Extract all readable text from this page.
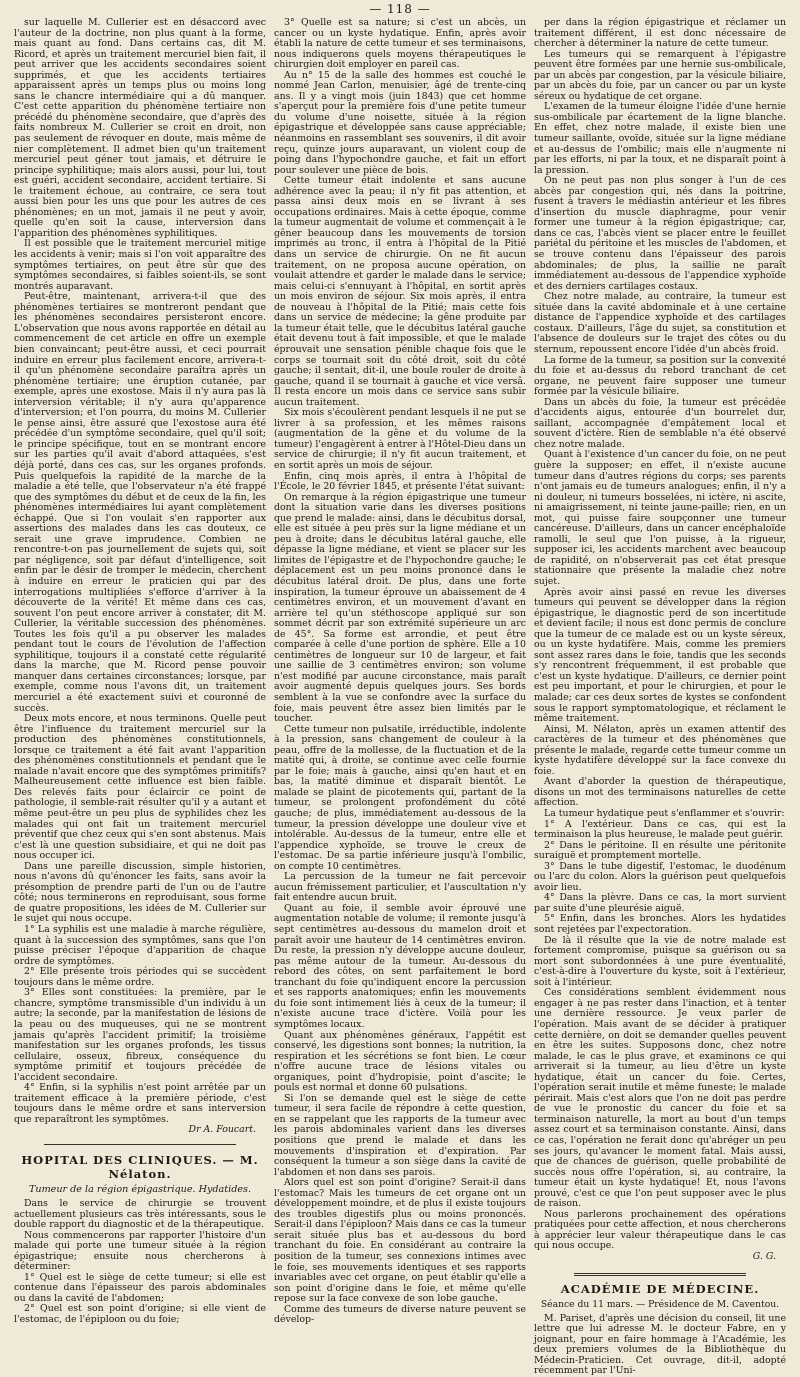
— 118 —

sur laquelle M. Cullerier est en désaccord avec l'auteur de la doctrine, non plus quant à la forme, mais quant au fond. Dans certains cas, dit M. Ricord, et après un traitement mercuriel bien fait, il peut arriver que les accidents secondaires soient supprimés, et que les accidents tertiaires apparaissent après un temps plus ou moins long sans le chancre intermédiaire qui a dû manquer. C'est cette apparition du phénomène tertiaire non précédé du phénomène secondaire, que d'après des faits nombreux M. Cullerier se croit en droit, non pas seulement de révoquer en doute, mais même de nier complètement. Il admet bien qu'un traitement mercuriel peut géner tout jamais, et détruire le principe syphilitique; mais alors aussi, pour lui, tout est guéri, accident secondaire, accident tertiaire. Si le traitement échoue, au contraire, ce sera tout aussi bien pour les uns que pour les autres de ces phénomènes; en un mot, jamais il ne peut y avoir, quelle qu'en soit la cause, interversion dans l'apparition des phénomènes syphilitiques.

Il est possible que le traitement mercuriel mitige les accidents à venir; mais si l'on voit apparaître des symptômes tertiaires, on peut être sûr que des symptômes secondaires, si faibles soient-ils, se sont montrés auparavant.

Peut-être, maintenant, arrivera-t-il que des phénomènes tertiaires se montreront pendant que les phénomènes secondaires persisteront encore. L'observation que nous avons rapportée en détail au commencement de cet article en offre un exemple bien convaincant; peut-être aussi, et ceci pourrait induire en erreur plus facilement encore, arrivera-t-il qu'un phénomène secondaire paraîtra après un phénomène tertiaire; une éruption cutanée, par exemple, après une exostose. Mais il n'y aura pas là interversion véritable; il n'y aura qu'apparence d'interversion; et l'on pourra, du moins M. Cullerier le pense ainsi, être assuré que l'exostose aura été précédée d'un symptôme secondaire, quel qu'il soit; le principe spécifique, tout en se montrant encore sur les parties qu'il avait d'abord attaquées, s'est déjà porté, dans ces cas, sur les organes profonds. Puis quelquefois la rapidité de la marche de la maladie a été telle, que l'observateur n'a été frappé que des symptômes du début et de ceux de la fin, les phénomènes intermédiaires lui ayant complètement échappé. Que si l'on voulait s'en rapporter aux assertions des malades dans les cas douteux, ce serait une grave imprudence. Combien ne rencontre-t-on pas journellement de sujets qui, soit par négligence, soit par défaut d'intelligence, soit enfin par le désir de tromper le médecin, cherchent à induire en erreur le praticien qui par des interrogations multipliées s'efforce d'arriver à la découverte de la vérité! Et même dans ces cas, souvent l'on peut encore arriver à constater, dit M. Cullerier, la véritable succession des phénomènes. Toutes les fois qu'il a pu observer les malades pendant tout le cours de l'évolution de l'affection syphilitique, toujours il a constaté cette régularité dans la marche, que M. Ricord pense pouvoir manquer dans certaines circonstances; lorsque, par exemple, comme nous l'avons dit, un traitement mercuriel a été exactement suivi et couronné de succès.

Deux mots encore, et nous terminons. Quelle peut être l'influence du traitement mercuriel sur la production des phénomènes constitutionnels, lorsque ce traitement a été fait avant l'apparition des phénomènes constitutionnels et pendant que le malade n'avait encore que des symptômes primitifs? Malheureusement cette influence est bien faible. Des relevés faits pour éclaircir ce point de pathologie, il semble-rait résulter qu'il y a autant et même peut-être un peu plus de syphilides chez les malades qui ont fait un traitement mercuriel préventif que chez ceux qui s'en sont abstenus. Mais c'est là une question subsidiaire, et qui ne doit pas nous occuper ici.

Dans une pareille discussion, simple historien, nous n'avons dû qu'énoncer les faits, sans avoir la présomption de prendre parti de l'un ou de l'autre côté; nous terminerons en reproduisant, sous forme de quatre propositions, les idées de M. Cullerier sur le sujet qui nous occupe.

1° La syphilis est une maladie à marche régulière, quant à la succession des symptômes, sans que l'on puisse préciser l'époque d'apparition de chaque ordre de symptômes.

2° Elle présente trois périodes qui se succèdent toujours dans le même ordre.

3° Elles sont constituées: la première, par le chancre, symptôme transmissible d'un individu à un autre; la seconde, par la manifestation de lésions de la peau ou des muqueuses, qui ne se montrent jamais qu'après l'accident primitif; la troisième manifestation sur les organes profonds, les tissus cellulaire, osseux, fibreux, conséquence du symptôme primitif et toujours précédée de l'accident secondaire.

4° Enfin, si la syphilis n'est point arrêtée par un traitement efficace à la première période, c'est toujours dans le même ordre et sans interversion que reparaîtront les symptômes.

Dr A. Foucart.
HOPITAL DES CLINIQUES. — M. Nélaton.
Tumeur de la région épigastrique. Hydatides.

Dans le service de chirurgie se trouvent actuellement plusieurs cas très intéressants, sous le double rapport du diagnostic et de la thérapeutique.

Nous commencerons par rapporter l'histoire d'un malade qui porte une tumeur située à la région épigastrique; ensuite nous chercherons à déterminer:

1° Quel est le siège de cette tumeur; si elle est contenue dans l'épaisseur des parois abdominales ou dans la cavité de l'abdomen;

2° Quel est son point d'origine; si elle vient de l'estomac, de l'épiploon ou du foie;

3° Quelle est sa nature; si c'est un abcès, un cancer ou un kyste hydatique. Enfin, après avoir établi la nature de cette tumeur et ses terminaisons, nous indiquerons quels moyens thérapeutiques le chirurgien doit employer en pareil cas.

Au n° 15 de la salle des hommes est couché le nommé Jean Carlon, menuisier, âgé de trente-cinq ans. Il y a vingt mois (juin 1843) que cet homme s'aperçut pour la première fois d'une petite tumeur du volume d'une noisette, située à la région épigastrique et développée sans cause appréciable; néanmoins en rassemblant ses souvenirs, il dit avoir reçu, quinze jours auparavant, un violent coup de poing dans l'hypochondre gauche, et fait un effort pour soulever une pièce de bois.

Cette tumeur était indolente et sans aucune adhérence avec la peau; il n'y fit pas attention, et passa ainsi deux mois en se livrant à ses occupations ordinaires. Mais à cette époque, comme la tumeur augmentait de volume et commençait à le gêner beaucoup dans les mouvements de torsion imprimés au tronc, il entra à l'hôpital de la Pitié dans un service de chirurgie. On ne fit aucun traitement, on ne proposa aucune opération, on voulait attendre et garder le malade dans le service; mais celui-ci s'ennuyant à l'hôpital, en sortit après un mois environ de séjour. Six mois après, il entra de nouveau à l'hôpital de la Pitié; mais cette fois dans un service de médecine; la gêne produite par la tumeur était telle, que le décubitus latéral gauche était devenu tout à fait impossible, et que le malade éprouvait une sensation pénible chaque fois que le corps se tournait soit du côté droit, soit du côté gauche; il sentait, dit-il, une boule rouler de droite à gauche, quand il se tournait à gauche et vice versâ. Il resta encore un mois dans ce service sans subir aucun traitement.

Six mois s'écoulèrent pendant lesquels il ne put se livrer à sa profession, et les mêmes raisons (augmentation de la gêne et du volume de la tumeur) l'engagèrent à entrer à l'Hôtel-Dieu dans un service de chirurgie; il n'y fit aucun traitement, et en sortit après un mois de séjour.

Enfin, cinq mois après, il entra à l'hôpital de l'École, le 20 février 1845, et présente l'état suivant:

On remarque à la région épigastrique une tumeur dont la situation varie dans les diverses positions que prend le malade: ainsi, dans le décubitus dorsal, elle est située à peu près sur la ligne médiane et un peu à droite; dans le décubitus latéral gauche, elle dépasse la ligne médiane, et vient se placer sur les limites de l'épigastre et de l'hypochondre gauche; le déplacement est un peu moins prononcé dans le décubitus latéral droit. De plus, dans une forte inspiration, la tumeur éprouve un abaissement de 4 centimètres environ, et un mouvement d'avant en arrière tel qu'un stéthoscope appliqué sur son sommet décrit par son extrémité supérieure un arc de 45°. Sa forme est arrondie, et peut être comparée à celle d'une portion de sphère. Elle a 10 centimètres de longueur sur 10 de largeur, et fait une saillie de 3 centimètres environ; son volume n'est modifié par aucune circonstance, mais paraît avoir augmenté depuis quelques jours. Ses bords semblent à la vue se confondre avec la surface du foie, mais peuvent être assez bien limités par le toucher.

Cette tumeur non pulsatile, irréductible, indolente à la pression, sans changement de couleur à la peau, offre de la mollesse, de la fluctuation et de la matité qui, à droite, se continue avec celle fournie par le foie; mais à gauche, ainsi qu'en haut et en bas, la matité diminue et disparaît bientôt. Le malade se plaint de picotements qui, partant de la tumeur, se prolongent profondément du côté gauche; de plus, immédiatement au-dessous de la tumeur, la pression développe une douleur vive et intolérable. Au-dessus de la tumeur, entre elle et l'appendice xyphoïde, se trouve le creux de l'estomac. De sa partie inférieure jusqu'à l'ombilic, on compte 10 centimètres.

La percussion de la tumeur ne fait percevoir aucun frémissement particulier, et l'auscultation n'y fait entendre aucun bruit.

Quant au foie, il semble avoir éprouvé une augmentation notable de volume; il remonte jusqu'à sept centimètres au-dessous du mamelon droit et paraît avoir une hauteur de 14 centimètres environ. Du reste, la pression n'y développe aucune douleur, pas même autour de la tumeur. Au-dessous du rebord des côtes, on sent parfaitement le bord tranchant du foie qu'indiquent encore la percussion et ses rapports anatomiques; enfin les mouvements du foie sont intimement liés à ceux de la tumeur; il n'existe aucune trace d'ictère. Voilà pour les symptômes locaux.

Quant aux phénomènes généraux, l'appétit est conservé, les digestions sont bonnes; la nutrition, la respiration et les sécrétions se font bien. Le cœur n'offre aucune trace de lésions vitales ou organiques, point d'hydropisie, point d'ascite; le pouls est normal et donne 60 pulsations.

Si l'on se demande quel est le siège de cette tumeur, il sera facile de répondre à cette question, en se rappelant que les rapports de la tumeur avec les parois abdominales varient dans les diverses positions que prend le malade et dans les mouvements d'inspiration et d'expiration. Par conséquent la tumeur a son siège dans la cavité de l'abdomen et non dans ses parois.

Alors quel est son point d'origine? Serait-il dans l'estomac? Mais les tumeurs de cet organe ont un développement moindre, et de plus il existe toujours des troubles digestifs plus ou moins prononcés. Serait-il dans l'épiploon? Mais dans ce cas la tumeur serait située plus bas et au-dessous du bord tranchant du foie. En considérant au contraire la position de la tumeur, ses connexions intimes avec le foie, ses mouvements identiques et ses rapports invariables avec cet organe, on peut établir qu'elle a son point d'origine dans le foie, et même qu'elle repose sur la face convexe de son lobe gauche.

Comme des tumeurs de diverse nature peuvent se dévelop-

per dans la région épigastrique et réclamer un traitement différent, il est donc nécessaire de chercher à déterminer la nature de cette tumeur.

Les tumeurs qui se remarquent à l'épigastre peuvent être formées par une hernie sus-ombilicale, par un abcès par congestion, par la vésicule biliaire, par un abcès du foie, par un cancer ou par un kyste séreux ou hydatique de cet organe.

L'examen de la tumeur éloigne l'idée d'une hernie sus-ombilicale par écartement de la ligne blanche. En effet, chez notre malade, il existe bien une tumeur saillante, ovoïde, située sur la ligne médiane et au-dessus de l'ombilic; mais elle n'augmente ni par les efforts, ni par la toux, et ne disparaît point à la pression.

On ne peut pas non plus songer à l'un de ces abcès par congestion qui, nés dans la poitrine, fusent à travers le médiastin antérieur et les fibres d'insertion du muscle diaphragme, pour venir former une tumeur à la région épigastrique; car, dans ce cas, l'abcès vient se placer entre le feuillet pariétal du péritoine et les muscles de l'abdomen, et se trouve contenu dans l'épaisseur des parois abdominales; de plus, la saillie ne paraît immédiatement au-dessous de l'appendice xyphoïde et des derniers cartilages costaux.

Chez notre malade, au contraire, la tumeur est située dans la cavité abdominale et à une certaine distance de l'appendice xyphoïde et des cartilages costaux. D'ailleurs, l'âge du sujet, sa constitution et l'absence de douleurs sur le trajet des côtes ou du sternum, repoussent encore l'idée d'un abcès froid.

La forme de la tumeur, sa position sur la convexité du foie et au-dessus du rebord tranchant de cet organe, ne peuvent faire supposer une tumeur formée par la vésicule biliaire.

Dans un abcès du foie, la tumeur est précédée d'accidents aigus, entourée d'un bourrelet dur, saillant, accompagnée d'empâtement local et souvent d'ictère. Rien de semblable n'a été observé chez notre malade.

Quant à l'existence d'un cancer du foie, on ne peut guère la supposer; en effet, il n'existe aucune tumeur dans d'autres régions du corps; ses parents n'ont jamais eu de tumeurs analogues; enfin, il n'y a ni douleur, ni tumeurs bosselées, ni ictère, ni ascite, ni amaigrissement, ni teinte jaune-paille; rien, en un mot, qui puisse faire soupçonner une tumeur cancéreuse. D'ailleurs, dans un cancer encéphaloïde ramolli, le seul que l'on puisse, à la rigueur, supposer ici, les accidents marchent avec beaucoup de rapidité, on n'observerait pas cet état presque stationnaire que présente la maladie chez notre sujet.

Après avoir ainsi passé en revue les diverses tumeurs qui peuvent se développer dans la région épigastrique, le diagnostic perd de son incertitude et devient facile; il nous est donc permis de conclure que la tumeur de ce malade est ou un kyste séreux, ou un kyste hydatifère. Mais, comme les premiers sont assez rares dans le foie, tandis que les seconds s'y rencontrent fréquemment, il est probable que c'est un kyste hydatique. D'ailleurs, ce dernier point est peu important, et pour le chirurgien, et pour le malade; car ces deux sortes de kystes se confondent sous le rapport symptomatologique, et réclament le même traitement.

Ainsi, M. Nélaton, après un examen attentif des caractères de la tumeur et des phénomènes que présente le malade, regarde cette tumeur comme un kyste hydatifère développé sur la face convexe du foie.

Avant d'aborder la question de thérapeutique, disons un mot des terminaisons naturelles de cette affection.

La tumeur hydatique peut s'enflammer et s'ouvrir:

1° A l'extérieur. Dans ce cas, qui est la terminaison la plus heureuse, le malade peut guérir.

2° Dans le péritoine. Il en résulte une péritonite suraiguë et promptement mortelle.

3° Dans le tube digestif, l'estomac, le duodénum ou l'arc du colon. Alors la guérison peut quelquefois avoir lieu.

4° Dans la plèvre. Dans ce cas, la mort survient par suite d'une pleurésie aiguë.

5° Enfin, dans les bronches. Alors les hydatides sont rejetées par l'expectoration.

De là il résulte que la vie de notre malade est fortement compromise, puisque sa guérison ou sa mort sont subordonnées à une pure éventualité, c'est-à-dire à l'ouverture du kyste, soit à l'extérieur, soit à l'intérieur.

Ces considérations semblent évidemment nous engager à ne pas rester dans l'inaction, et à tenter une dernière ressource. Je veux parler de l'opération. Mais avant de se décider à pratiquer cette dernière, on doit se demander quelles peuvent en être les suites. Supposons donc, chez notre malade, le cas le plus grave, et examinons ce qui arriverait si la tumeur, au lieu d'être un kyste hydatique, était un cancer du foie. Certes, l'opération serait inutile et même funeste; le malade périrait. Mais c'est alors que l'on ne doit pas perdre de vue le pronostic du cancer du foie et sa terminaison naturelle, la mort au bout d'un temps assez court et sa terminaison constante. Ainsi, dans ce cas, l'opération ne ferait donc qu'abréger un peu ses jours, qu'avancer le moment fatal. Mais aussi, que de chances de guérison, quelle probabilité de succès nous offre l'opération, si, au contraire, la tumeur était un kyste hydatique! Et, nous l'avons prouvé, c'est ce que l'on peut supposer avec le plus de raison.

Nous parlerons prochainement des opérations pratiquées pour cette affection, et nous chercherons à apprécier leur valeur thérapeutique dans le cas qui nous occupe.

G. G.
ACADÉMIE DE MÉDECINE.
Séance du 11 mars. — Présidence de M. Caventou.

M. Pariset, d'après une décision du conseil, lit une lettre que lui adresse M. le docteur Fabre, en y joignant, pour en faire hommage à l'Académie, les deux premiers volumes de la Bibliothèque du Médecin-Praticien. Cet ouvrage, dit-il, adopté récemment par l'Uni-
